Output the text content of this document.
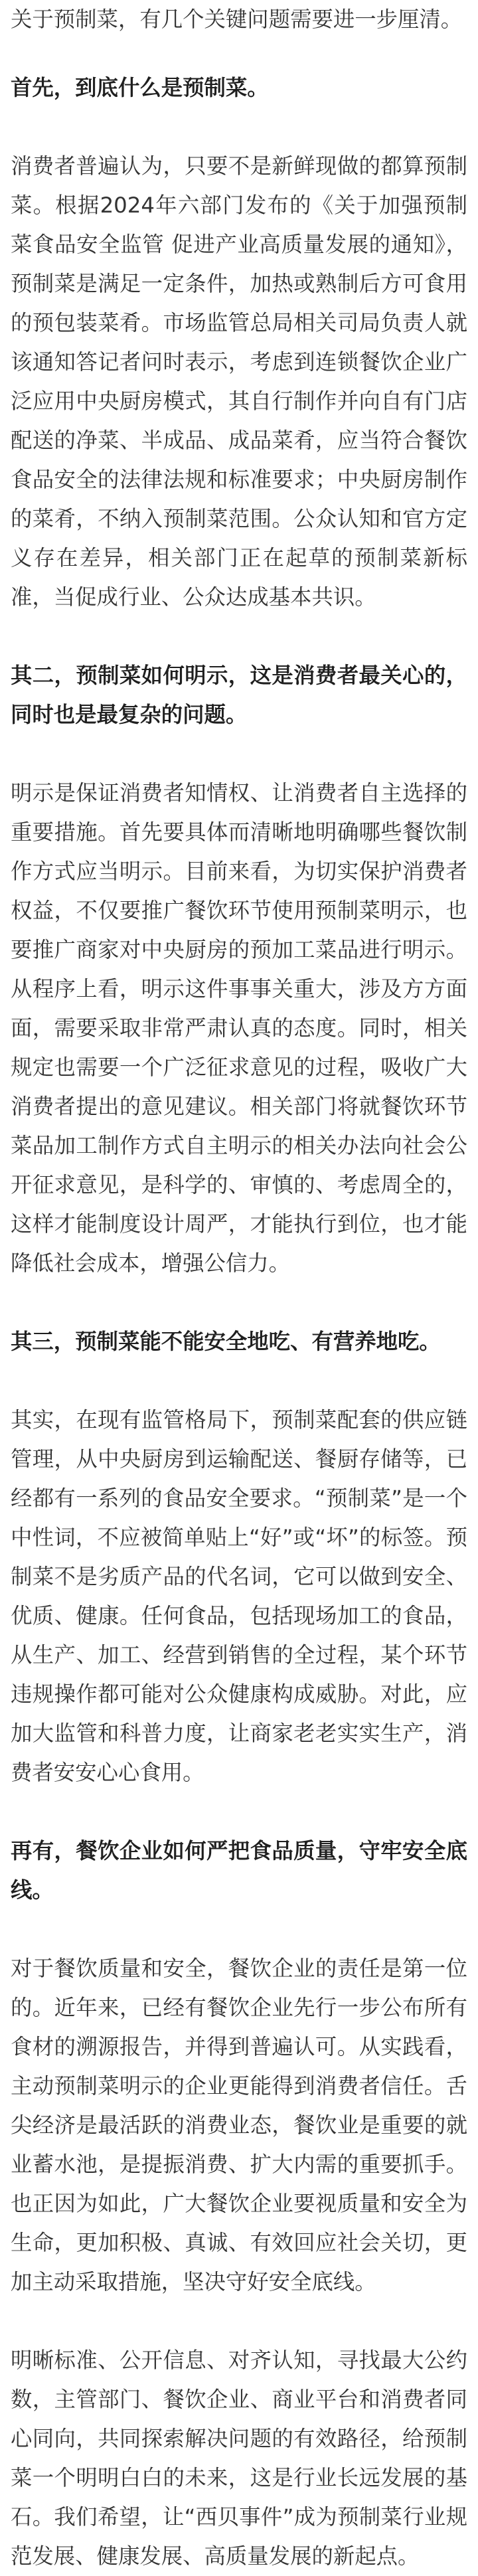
关于预制菜，有几个关键问题需要进一步厘清。

首先，到底什么是预制菜。

消费者普遍认为，只要不是新鲜现做的都算预制菜。根据2024年六部门发布的《关于加强预制菜食品安全监管 促进产业高质量发展的通知》，预制菜是满足一定条件，加热或熟制后方可食用的预包装菜肴。市场监管总局相关司局负责人就该通知答记者问时表示，考虑到连锁餐饮企业广泛应用中央厨房模式，其自行制作并向自有门店配送的净菜、半成品、成品菜肴，应当符合餐饮食品安全的法律法规和标准要求；中央厨房制作的菜肴，不纳入预制菜范围。公众认知和官方定义存在差异，相关部门正在起草的预制菜新标准，当促成行业、公众达成基本共识。

其二，预制菜如何明示，这是消费者最关心的，同时也是最复杂的问题。

明示是保证消费者知情权、让消费者自主选择的重要措施。首先要具体而清晰地明确哪些餐饮制作方式应当明示。目前来看，为切实保护消费者权益，不仅要推广餐饮环节使用预制菜明示，也要推广商家对中央厨房的预加工菜品进行明示。从程序上看，明示这件事事关重大，涉及方方面面，需要采取非常严肃认真的态度。同时，相关规定也需要一个广泛征求意见的过程，吸收广大消费者提出的意见建议。相关部门将就餐饮环节菜品加工制作方式自主明示的相关办法向社会公开征求意见，是科学的、审慎的、考虑周全的，这样才能制度设计周严，才能执行到位，也才能降低社会成本，增强公信力。

其三，预制菜能不能安全地吃、有营养地吃。

其实，在现有监管格局下，预制菜配套的供应链管理，从中央厨房到运输配送、餐厨存储等，已经都有一系列的食品安全要求。“预制菜”是一个中性词，不应被简单贴上“好”或“坏”的标签。预制菜不是劣质产品的代名词，它可以做到安全、优质、健康。任何食品，包括现场加工的食品，从生产、加工、经营到销售的全过程，某个环节违规操作都可能对公众健康构成威胁。对此，应加大监管和科普力度，让商家老老实实生产，消费者安安心心食用。

再有，餐饮企业如何严把食品质量，守牢安全底线。

对于餐饮质量和安全，餐饮企业的责任是第一位的。近年来，已经有餐饮企业先行一步公布所有食材的溯源报告，并得到普遍认可。从实践看，主动预制菜明示的企业更能得到消费者信任。舌尖经济是最活跃的消费业态，餐饮业是重要的就业蓄水池，是提振消费、扩大内需的重要抓手。也正因为如此，广大餐饮企业要视质量和安全为生命，更加积极、真诚、有效回应社会关切，更加主动采取措施，坚决守好安全底线。

明晰标准、公开信息、对齐认知，寻找最大公约数，主管部门、餐饮企业、商业平台和消费者同心同向，共同探索解决问题的有效路径，给预制菜一个明明白白的未来，这是行业长远发展的基石。我们希望，让“西贝事件”成为预制菜行业规范发展、健康发展、高质量发展的新起点。
